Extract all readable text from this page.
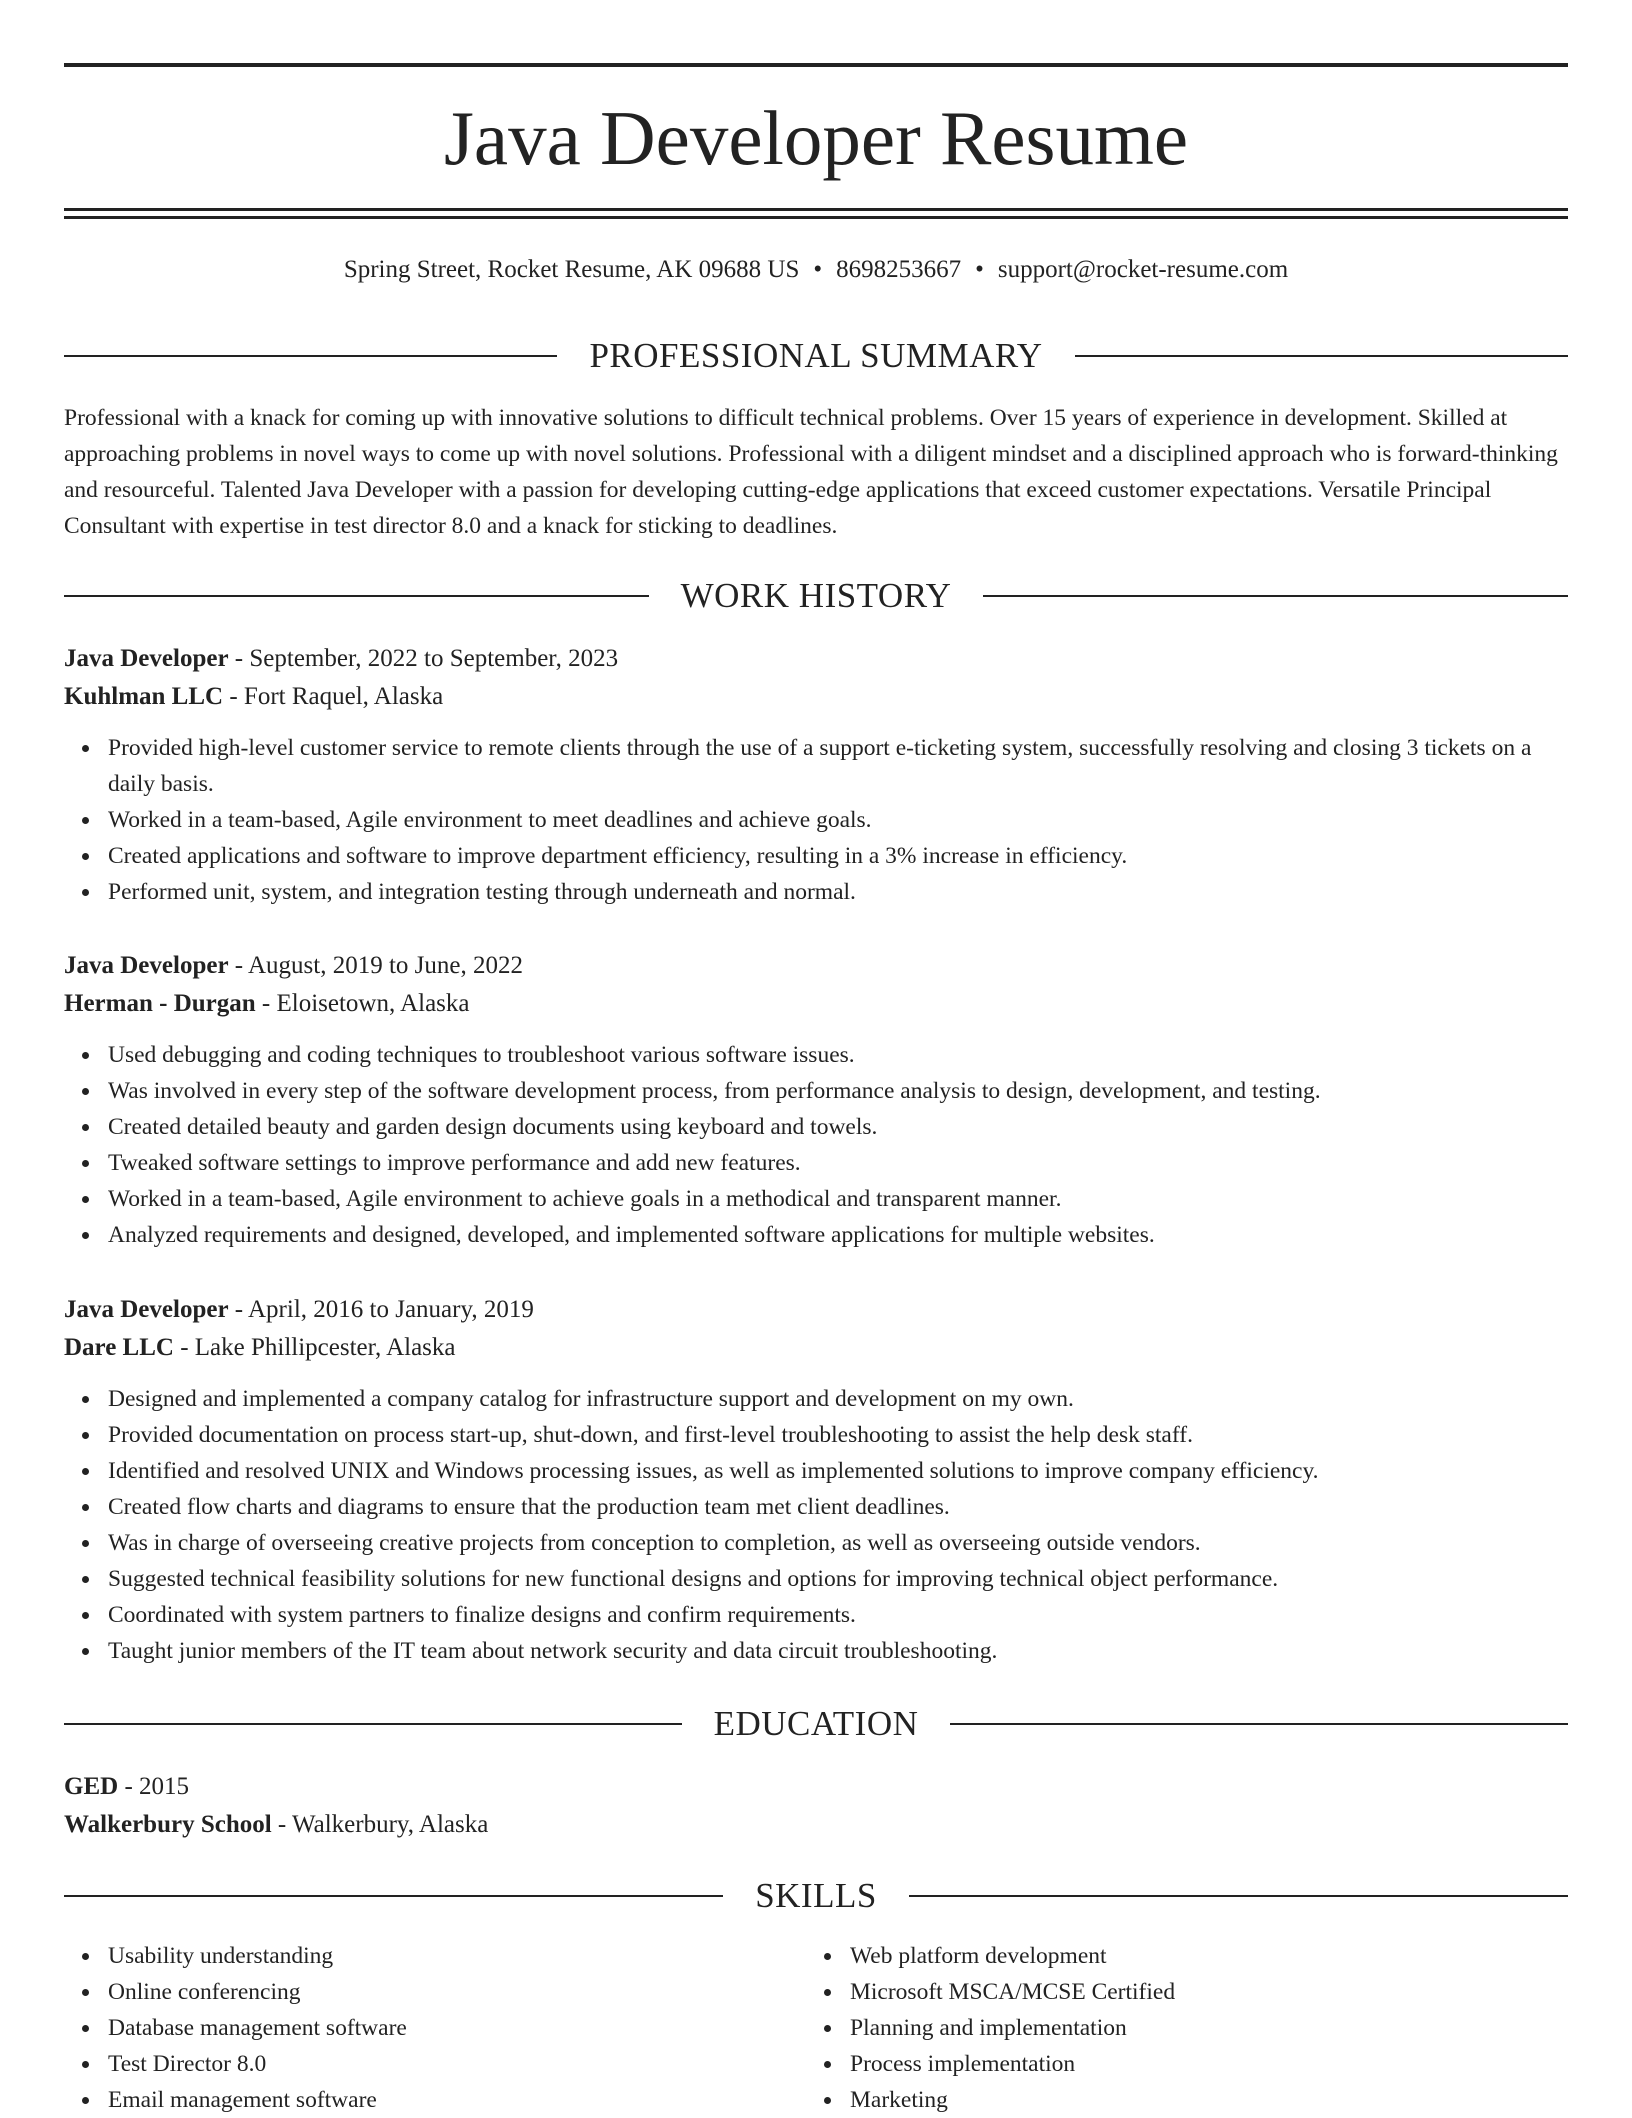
Java Developer Resume
Spring Street, Rocket Resume, AK 09688 US • 8698253667 • support@rocket-resume.com
PROFESSIONAL SUMMARY
Professional with a knack for coming up with innovative solutions to difficult technical problems. Over 15 years of experience in development. Skilled at approaching problems in novel ways to come up with novel solutions. Professional with a diligent mindset and a disciplined approach who is forward-thinking and resourceful. Talented Java Developer with a passion for developing cutting-edge applications that exceed customer expectations. Versatile Principal Consultant with expertise in test director 8.0 and a knack for sticking to deadlines.
WORK HISTORY
Java Developer - September, 2022 to September, 2023
Kuhlman LLC - Fort Raquel, Alaska
Provided high-level customer service to remote clients through the use of a support e-ticketing system, successfully resolving and closing 3 tickets on a daily basis.
Worked in a team-based, Agile environment to meet deadlines and achieve goals.
Created applications and software to improve department efficiency, resulting in a 3% increase in efficiency.
Performed unit, system, and integration testing through underneath and normal.
Java Developer - August, 2019 to June, 2022
Herman - Durgan - Eloisetown, Alaska
Used debugging and coding techniques to troubleshoot various software issues.
Was involved in every step of the software development process, from performance analysis to design, development, and testing.
Created detailed beauty and garden design documents using keyboard and towels.
Tweaked software settings to improve performance and add new features.
Worked in a team-based, Agile environment to achieve goals in a methodical and transparent manner.
Analyzed requirements and designed, developed, and implemented software applications for multiple websites.
Java Developer - April, 2016 to January, 2019
Dare LLC - Lake Phillipcester, Alaska
Designed and implemented a company catalog for infrastructure support and development on my own.
Provided documentation on process start-up, shut-down, and first-level troubleshooting to assist the help desk staff.
Identified and resolved UNIX and Windows processing issues, as well as implemented solutions to improve company efficiency.
Created flow charts and diagrams to ensure that the production team met client deadlines.
Was in charge of overseeing creative projects from conception to completion, as well as overseeing outside vendors.
Suggested technical feasibility solutions for new functional designs and options for improving technical object performance.
Coordinated with system partners to finalize designs and confirm requirements.
Taught junior members of the IT team about network security and data circuit troubleshooting.
EDUCATION
GED - 2015
Walkerbury School - Walkerbury, Alaska
SKILLS
Usability understanding
Online conferencing
Database management software
Test Director 8.0
Email management software
Web platform development
Microsoft MSCA/MCSE Certified
Planning and implementation
Process implementation
Marketing
